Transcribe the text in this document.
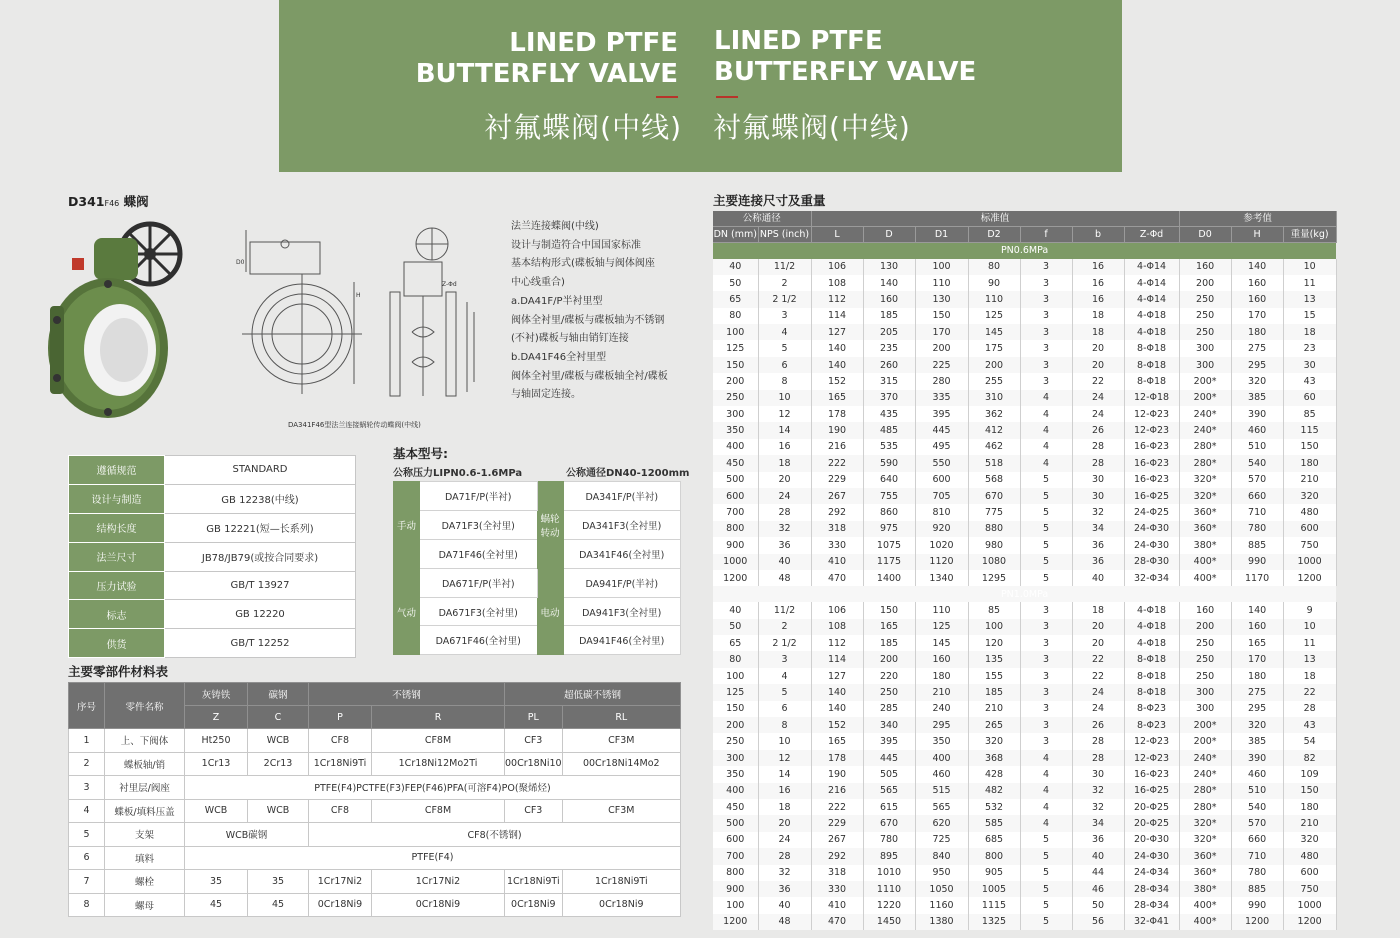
LINED PTFE
BUTTERFLY VALVE
衬氟蝶阀(中线)
LINED PTFE
BUTTERFLY VALVE
衬氟蝶阀(中线)
D341F46 蝶阀
D0
H
Z-Φd
DA341F46型法兰连接蜗轮传动蝶阀(中线)
法兰连接蝶阀(中线)
设计与制造符合中国国家标准
基本结构形式(碟板轴与阀体阀座
中心线重合)
a.DA41F/P半衬里型
阀体全衬里/碟板与碟板轴为不锈钢
(不衬)碟板与轴由销钉连接
b.DA41F46全衬里型
阀体全衬里/碟板与碟板轴全衬/碟板
与轴固定连接。
遵循规范	STANDARD
设计与制造	GB 12238(中线)
结构长度	GB 12221(短—长系列)
法兰尺寸	JB78/JB79(或按合同要求)
压力试验	GB/T 13927
标志	GB 12220
供货	GB/T 12252
基本型号:
公称压力LIPN0.6-1.6MPa	公称通径DN40-1200mm
手动	DA71F/P(半衬)	蜗轮转动	DA341F/P(半衬)
	DA71F3(全衬里)		DA341F3(全衬里)
	DA71F46(全衬里)		DA341F46(全衬里)
气动	DA671F/P(半衬)	电动	DA941F/P(半衬)
	DA671F3(全衬里)		DA941F3(全衬里)
	DA671F46(全衬里)		DA941F46(全衬里)
主要零部件材料表
序号	零件名称	灰铸铁	碳钢	不锈钢		超低碳不锈钢	
		Z	C	P	R	PL	RL
1	上、下阀体	Ht250	WCB	CF8	CF8M	CF3	CF3M
2	蝶板轴/销	1Cr13	2Cr13	1Cr18Ni9Ti	1Cr18Ni12Mo2Ti	00Cr18Ni10	00Cr18Ni14Mo2
3	衬里层/阀座	PTFE(F4)PCTFE(F3)FEP(F46)PFA(可溶F4)PO(聚烯烃)					
4	蝶板/填料压盖	WCB	WCB	CF8	CF8M	CF3	CF3M
5	支架	WCB碳钢		CF8(不锈钢)			
6	填料	PTFE(F4)					
7	螺栓	35	35	1Cr17Ni2	1Cr17Ni2	1Cr18Ni9Ti	1Cr18Ni9Ti
8	螺母	45	45	0Cr18Ni9	0Cr18Ni9	0Cr18Ni9	0Cr18Ni9
主要连接尺寸及重量
公称通径		标准值							参考值		
DN (mm)	NPS (inch)	L	D	D1	D2	f	b	Z-Φd	D0	H	重量(kg)
PN0.6MPa											
40	11/2	106	130	100	80	3	16	4-Φ14	160	140	10
50	2	108	140	110	90	3	16	4-Φ14	200	160	11
65	2 1/2	112	160	130	110	3	16	4-Φ14	250	160	13
80	3	114	185	150	125	3	18	4-Φ18	250	170	15
100	4	127	205	170	145	3	18	4-Φ18	250	180	18
125	5	140	235	200	175	3	20	8-Φ18	300	275	23
150	6	140	260	225	200	3	20	8-Φ18	300	295	30
200	8	152	315	280	255	3	22	8-Φ18	200*	320	43
250	10	165	370	335	310	4	24	12-Φ18	200*	385	60
300	12	178	435	395	362	4	24	12-Φ23	240*	390	85
350	14	190	485	445	412	4	26	12-Φ23	240*	460	115
400	16	216	535	495	462	4	28	16-Φ23	280*	510	150
450	18	222	590	550	518	4	28	16-Φ23	280*	540	180
500	20	229	640	600	568	5	30	16-Φ23	320*	570	210
600	24	267	755	705	670	5	30	16-Φ25	320*	660	320
700	28	292	860	810	775	5	32	24-Φ25	360*	710	480
800	32	318	975	920	880	5	34	24-Φ30	360*	780	600
900	36	330	1075	1020	980	5	36	24-Φ30	380*	885	750
1000	40	410	1175	1120	1080	5	36	28-Φ30	400*	990	1000
1200	48	470	1400	1340	1295	5	40	32-Φ34	400*	1170	1200
PN1.0MPa											
40	11/2	106	150	110	85	3	18	4-Φ18	160	140	9
50	2	108	165	125	100	3	20	4-Φ18	200	160	10
65	2 1/2	112	185	145	120	3	20	4-Φ18	250	165	11
80	3	114	200	160	135	3	22	8-Φ18	250	170	13
100	4	127	220	180	155	3	22	8-Φ18	250	180	18
125	5	140	250	210	185	3	24	8-Φ18	300	275	22
150	6	140	285	240	210	3	24	8-Φ23	300	295	28
200	8	152	340	295	265	3	26	8-Φ23	200*	320	43
250	10	165	395	350	320	3	28	12-Φ23	200*	385	54
300	12	178	445	400	368	4	28	12-Φ23	240*	390	82
350	14	190	505	460	428	4	30	16-Φ23	240*	460	109
400	16	216	565	515	482	4	32	16-Φ25	280*	510	150
450	18	222	615	565	532	4	32	20-Φ25	280*	540	180
500	20	229	670	620	585	4	34	20-Φ25	320*	570	210
600	24	267	780	725	685	5	36	20-Φ30	320*	660	320
700	28	292	895	840	800	5	40	24-Φ30	360*	710	480
800	32	318	1010	950	905	5	44	24-Φ34	360*	780	600
900	36	330	1110	1050	1005	5	46	28-Φ34	380*	885	750
100	40	410	1220	1160	1115	5	50	28-Φ34	400*	990	1000
1200	48	470	1450	1380	1325	5	56	32-Φ41	400*	1200	1200
